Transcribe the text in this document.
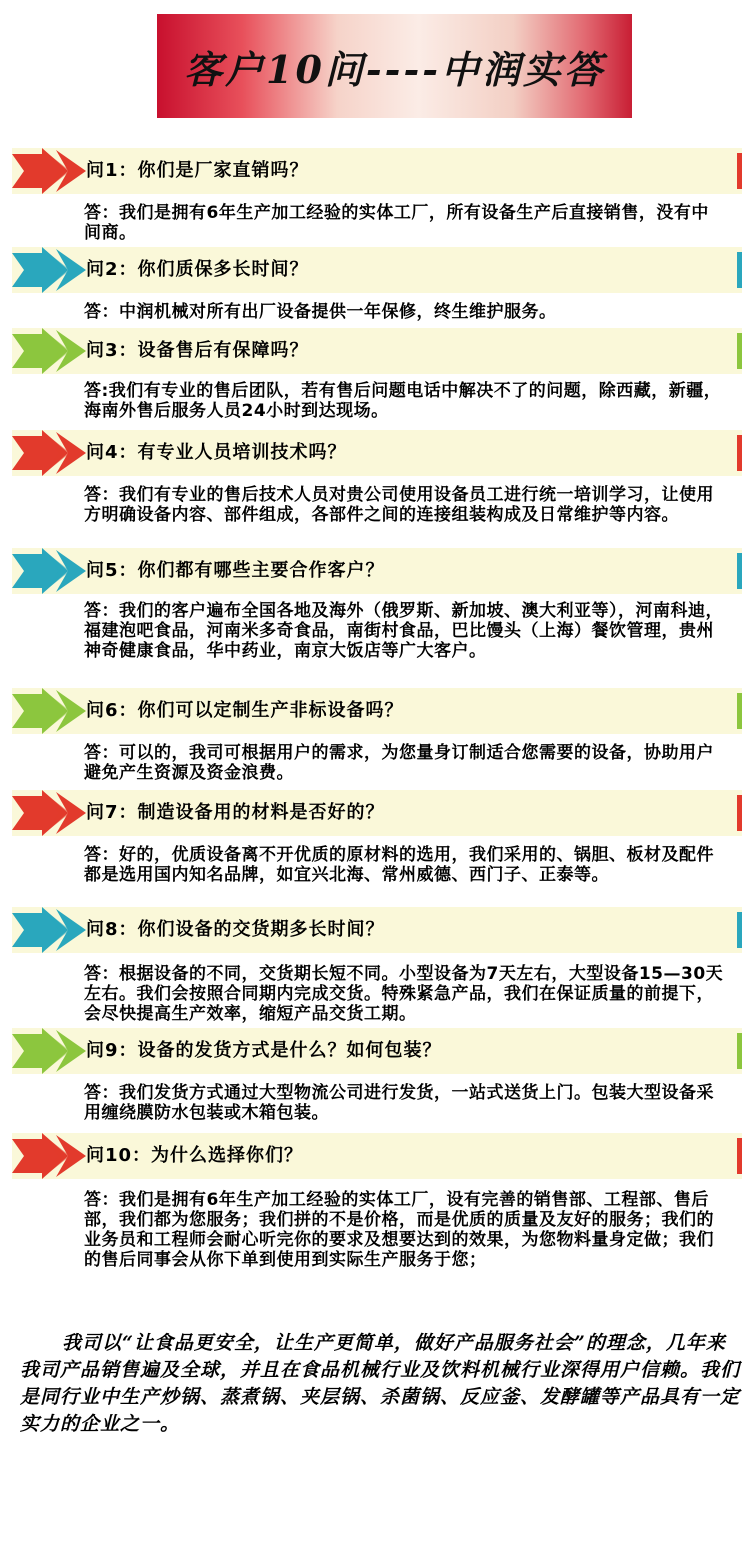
客户10问----中润实答
问1：你们是厂家直销吗？
答：我们是拥有6年生产加工经验的实体工厂，所有设备生产后直接销售，没有中间商。
问2：你们质保多长时间？
答：中润机械对所有出厂设备提供一年保修，终生维护服务。
问3：设备售后有保障吗？
答:我们有专业的售后团队，若有售后问题电话中解决不了的问题，除西藏，新疆，海南外售后服务人员24小时到达现场。
问4：有专业人员培训技术吗？
答：我们有专业的售后技术人员对贵公司使用设备员工进行统一培训学习，让使用方明确设备内容、部件组成，各部件之间的连接组装构成及日常维护等内容。
问5：你们都有哪些主要合作客户？
答：我们的客户遍布全国各地及海外（俄罗斯、新加坡、澳大利亚等），河南科迪，福建泡吧食品，河南米多奇食品，南街村食品，巴比馒头（上海）餐饮管理，贵州神奇健康食品，华中药业，南京大饭店等广大客户。
问6：你们可以定制生产非标设备吗？
答：可以的，我司可根据用户的需求，为您量身订制适合您需要的设备，协助用户避免产生资源及资金浪费。
问7：制造设备用的材料是否好的？
答：好的，优质设备离不开优质的原材料的选用，我们采用的、锅胆、板材及配件都是选用国内知名品牌，如宜兴北海、常州威德、西门子、正泰等。
问8：你们设备的交货期多长时间？
答：根据设备的不同，交货期长短不同。小型设备为7天左右，大型设备15—30天左右。我们会按照合同期内完成交货。特殊紧急产品，我们在保证质量的前提下，会尽快提高生产效率，缩短产品交货工期。
问9：设备的发货方式是什么？如何包装？
答：我们发货方式通过大型物流公司进行发货，一站式送货上门。包装大型设备采用缠绕膜防水包装或木箱包装。
问10：为什么选择你们？
答：我们是拥有6年生产加工经验的实体工厂，设有完善的销售部、工程部、售后部，我们都为您服务；我们拼的不是价格，而是优质的质量及友好的服务；我们的业务员和工程师会耐心听完你的要求及想要达到的效果，为您物料量身定做；我们的售后同事会从你下单到使用到实际生产服务于您；
我司以“让食品更安全，让生产更简单，做好产品服务社会”的理念，几年来我司产品销售遍及全球，并且在食品机械行业及饮料机械行业深得用户信赖。我们是同行业中生产炒锅、蒸煮锅、夹层锅、杀菌锅、反应釜、发酵罐等产品具有一定实力的企业之一。
